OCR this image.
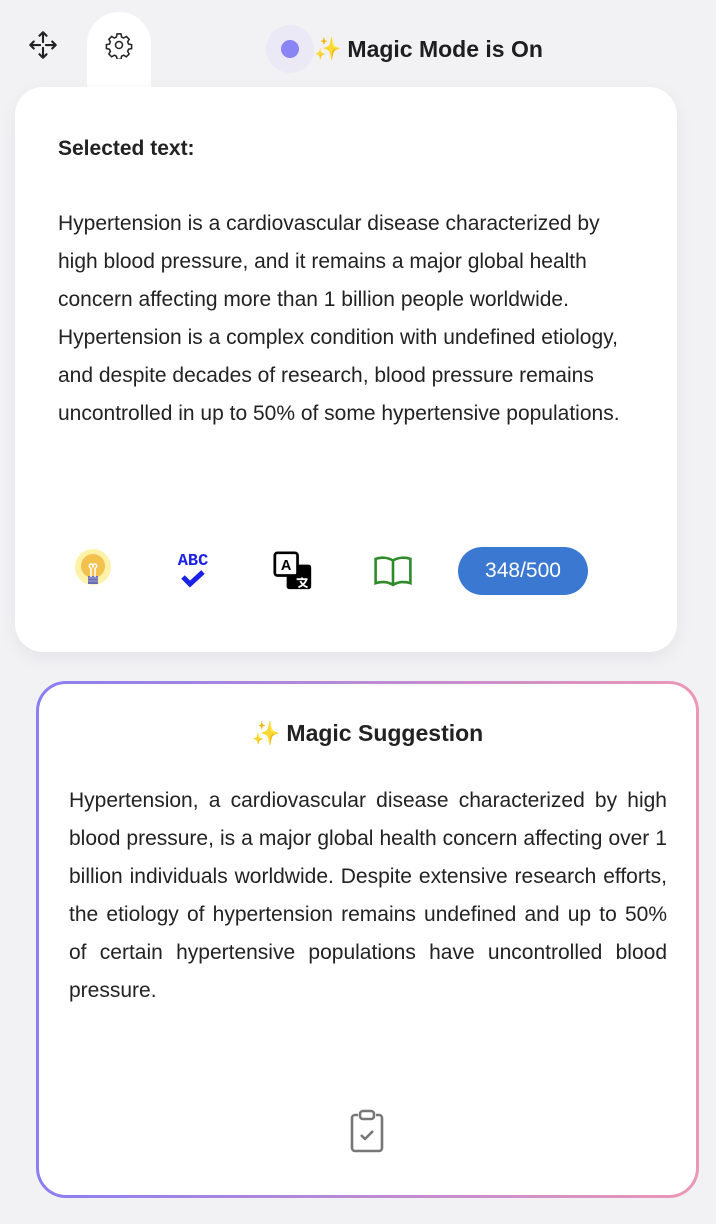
✨ Magic Mode is On
Selected text:
Hypertension is a cardiovascular disease characterized by high blood pressure, and it remains a major global health concern affecting more than 1 billion people worldwide. Hypertension is a complex condition with undefined etiology, and despite decades of research, blood pressure remains uncontrolled in up to 50% of some hypertensive populations.
ABC	A	348/500
✨ Magic Suggestion
Hypertension, a cardiovascular disease characterized by high blood pressure, is a major global health concern affecting over 1 billion individuals worldwide. Despite extensive research efforts, the etiology of hypertension remains undefined and up to 50% of certain hypertensive populations have uncontrolled blood pressure.
